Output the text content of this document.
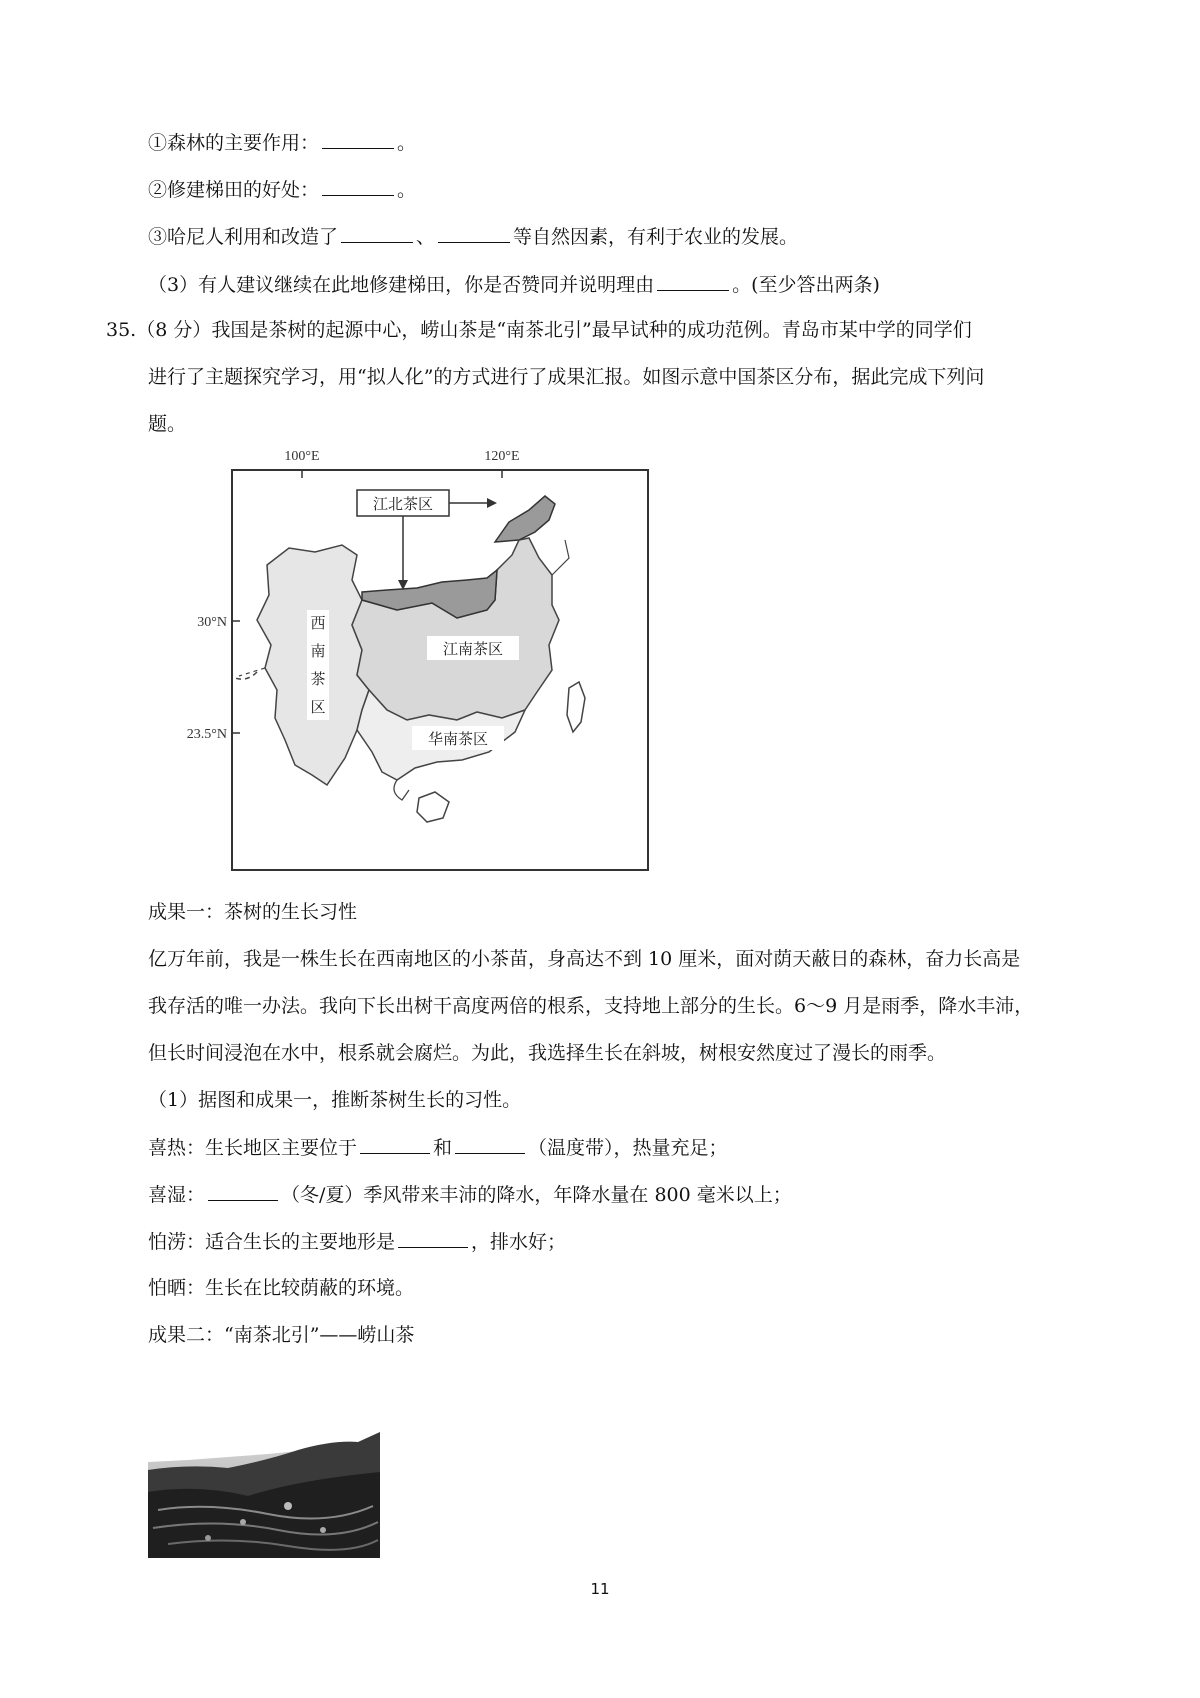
①森林的主要作用：	。
②修建梯田的好处：	。
③哈尼人利用和改造了	、	等自然因素，有利于农业的发展。
（3）有人建议继续在此地修建梯田，你是否赞同并说明理由	。(至少答出两条)
35.（8 分）我国是茶树的起源中心，崂山茶是“南茶北引”最早试种的成功范例。青岛市某中学的同学们
进行了主题探究学习，用“拟人化”的方式进行了成果汇报。如图示意中国茶区分布，据此完成下列问
题。
100°E	120°E
30°N
23.5°N
江北茶区
西
南
茶
区
江南茶区
华南茶区
成果一：茶树的生长习性
亿万年前，我是一株生长在西南地区的小茶苗，身高达不到 10 厘米，面对荫天蔽日的森林，奋力长高是
我存活的唯一办法。我向下长出树干高度两倍的根系，支持地上部分的生长。6～9 月是雨季，降水丰沛，
但长时间浸泡在水中，根系就会腐烂。为此，我选择生长在斜坡，树根安然度过了漫长的雨季。
（1）据图和成果一，推断茶树生长的习性。
喜热：生长地区主要位于	和	（温度带），热量充足；
喜湿：	（冬/夏）季风带来丰沛的降水，年降水量在 800 毫米以上；
怕涝：适合生长的主要地形是	，排水好；
怕晒：生长在比较荫蔽的环境。
成果二：“南茶北引”——崂山茶
11
